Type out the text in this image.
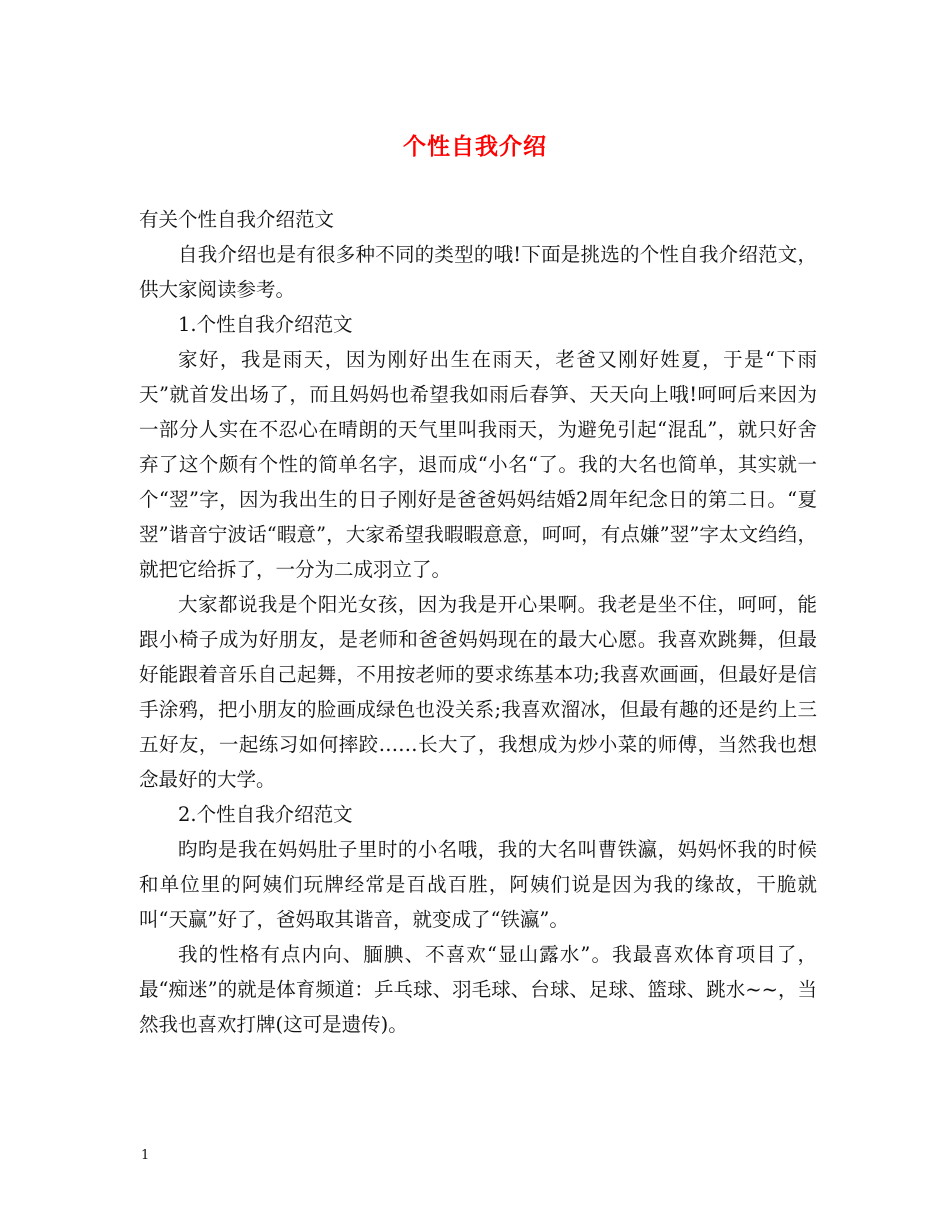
个性自我介绍

有关个性自我介绍范文

自我介绍也是有很多种不同的类型的哦!下面是挑选的个性自我介绍范文，供大家阅读参考。

1.个性自我介绍范文

家好，我是雨天，因为刚好出生在雨天，老爸又刚好姓夏，于是“下雨天”就首发出场了，而且妈妈也希望我如雨后春笋、天天向上哦!呵呵后来因为一部分人实在不忍心在晴朗的天气里叫我雨天，为避免引起“混乱”，就只好舍弃了这个颇有个性的简单名字，退而成“小名“了。我的大名也简单，其实就一个“翌”字，因为我出生的日子刚好是爸爸妈妈结婚2周年纪念日的第二日。“夏翌”谐音宁波话“暇意”，大家希望我暇暇意意，呵呵，有点嫌”翌”字太文绉绉，就把它给拆了，一分为二成羽立了。

大家都说我是个阳光女孩，因为我是开心果啊。我老是坐不住，呵呵，能跟小椅子成为好朋友，是老师和爸爸妈妈现在的最大心愿。我喜欢跳舞，但最好能跟着音乐自己起舞，不用按老师的要求练基本功;我喜欢画画，但最好是信手涂鸦，把小朋友的脸画成绿色也没关系;我喜欢溜冰，但最有趣的还是约上三五好友，一起练习如何摔跤……长大了，我想成为炒小菜的师傅，当然我也想念最好的大学。

2.个性自我介绍范文

昀昀是我在妈妈肚子里时的小名哦，我的大名叫曹铁瀛，妈妈怀我的时候和单位里的阿姨们玩牌经常是百战百胜，阿姨们说是因为我的缘故，干脆就叫“天赢”好了，爸妈取其谐音，就变成了“铁瀛”。

我的性格有点内向、腼腆、不喜欢“显山露水”。我最喜欢体育项目了，最“痴迷”的就是体育频道：乒乓球、羽毛球、台球、足球、篮球、跳水~~，当然我也喜欢打牌(这可是遗传)。

1
